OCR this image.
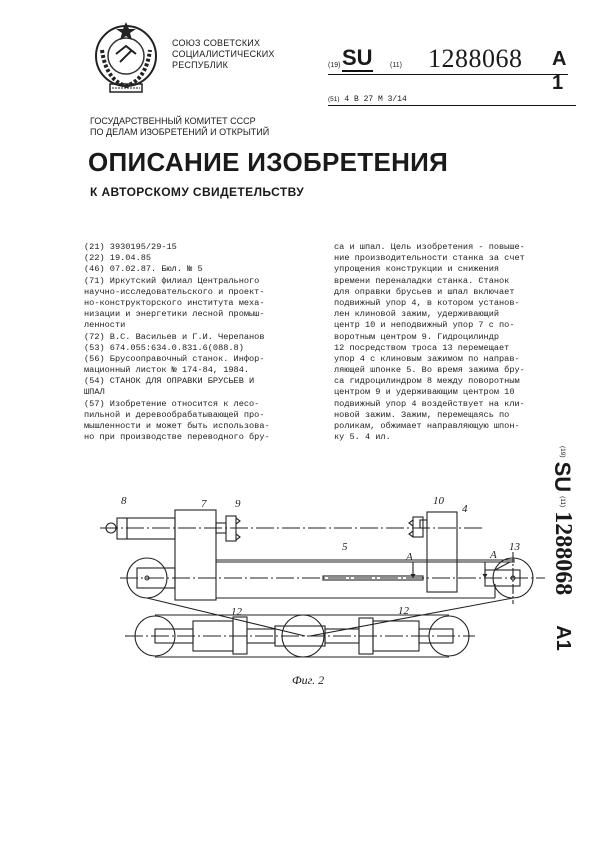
СОЮЗ СОВЕТСКИХ
СОЦИАЛИСТИЧЕСКИХ
РЕСПУБЛИК	(19) SU (11) 1288068 A 1
(51) 4 B 27 M 3/14
ГОСУДАРСТВЕННЫЙ КОМИТЕТ СССР
ПО ДЕЛАМ ИЗОБРЕТЕНИЙ И ОТКРЫТИЙ
ОПИСАНИЕ ИЗОБРЕТЕНИЯ
К АВТОРСКОМУ СВИДЕТЕЛЬСТВУ
(21) 3930195/29-15
(22) 19.04.85
(46) 07.02.87. Бюл. № 5
(71) Иркутский филиал Центрального
научно-исследовательского и проект-
но-конструкторского института меха-
низации и энергетики лесной промыш-
ленности
(72) В.С. Васильев и Г.И. Черепанов
(53) 674.055:634.0.831.6(088.8)
(56) Брусооправочный станок. Инфор-
мационный листок № 174-84, 1984.
(54) СТАНОК ДЛЯ ОПРАВКИ БРУСЬЕВ И
ШПАЛ
(57) Изобретение относится к лесо-
пильной и деревообрабатывающей про-
мышленности и может быть использова-
но при производстве переводного бру-
са и шпал. Цель изобретения - повыше-
ние производительности станка за счет
упрощения конструкции и снижения
времени переналадки станка. Станок
для оправки брусьев и шпал включает
подвижный упор 4, в котором установ-
лен клиновой зажим, удерживающий
центр 10 и неподвижный упор 7 с по-
воротным центром 9. Гидроцилиндр
12 посредством троса 13 перемещает
упор 4 с клиновым зажимом по направ-
ляющей шпонке 5. Во время зажима бру-
са гидроцилиндром 8 между поворотным
центром 9 и удерживающим центром 10
подвижный упор 4 воздействует на кли-
новой зажим. Зажим, перемещаясь по
роликам, обжимает направляющую шпон-
ку 5. 4 ил.
(19) SU (11) 1288068 A1
8	7	9	10
4
5
A	A
13
12	12
Фиг. 2
